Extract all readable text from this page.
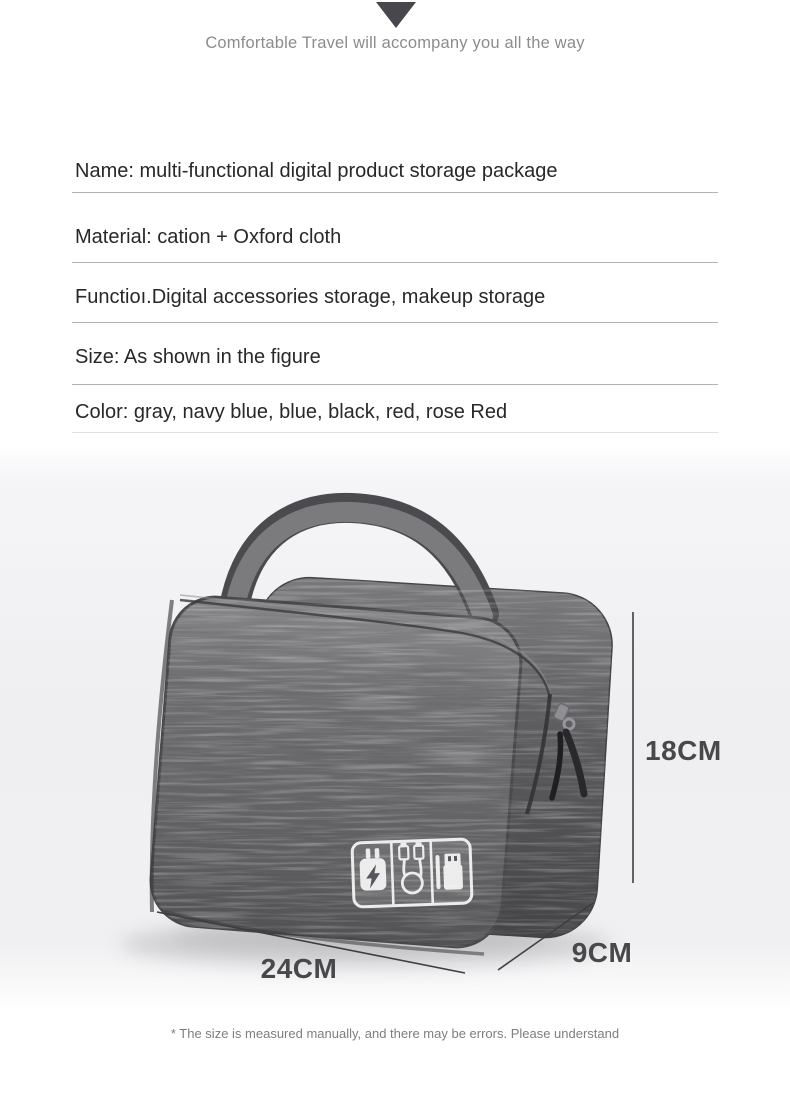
Comfortable Travel will accompany you all the way
Name: multi-functional digital product storage package
Material: cation + Oxford cloth
Functioı.Digital accessories storage, makeup storage
Size: As shown in the figure
Color: gray, navy blue, blue, black, red, rose Red
18CM
24CM
9CM
* The size is measured manually, and there may be errors. Please understand
